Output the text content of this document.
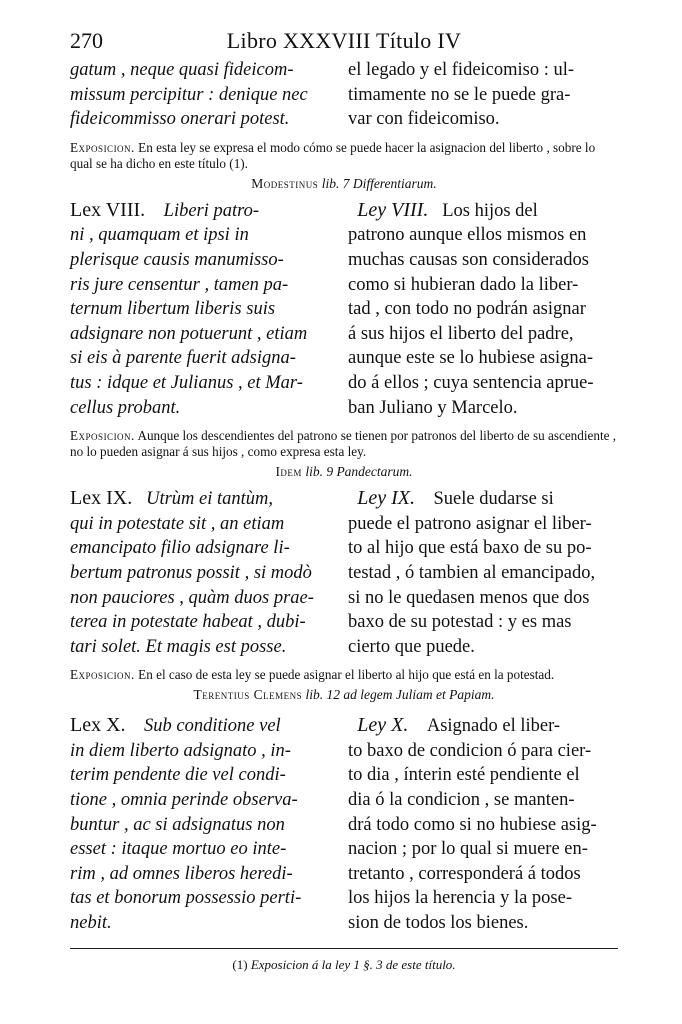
270	Libro XXXVIII Título IV
gatum , neque quasi fideicom-
missum percipitur : denique nec
fideicommisso onerari potest.
el legado y el fideicomiso : ul-
timamente no se le puede gra-
var con fideicomiso.
Exposicion. En esta ley se expresa el modo cómo se puede hacer la asignacion del liberto , sobre lo qual se ha dicho en este título (1).
Modestinus lib. 7 Differentiarum.
Lex VIII. Liberi patro-
ni , quamquam et ipsi in
plerisque causis manumisso-
ris jure censentur , tamen pa-
ternum libertum liberis suis
adsignare non potuerunt , etiam
si eis à parente fuerit adsigna-
tus : idque et Julianus , et Mar-
cellus probant.
Ley VIII. Los hijos del
patrono aunque ellos mismos en
muchas causas son considerados
como si hubieran dado la liber-
tad , con todo no podrán asignar
á sus hijos el liberto del padre,
aunque este se lo hubiese asigna-
do á ellos ; cuya sentencia aprue-
ban Juliano y Marcelo.
Exposicion. Aunque los descendientes del patrono se tienen por patronos del liberto de su ascendiente , no lo pueden asignar á sus hijos , como expresa esta ley.
Idem lib. 9 Pandectarum.
Lex IX. Utrùm ei tantùm,
qui in potestate sit , an etiam
emancipato filio adsignare li-
bertum patronus possit , si modò
non pauciores , quàm duos prae-
terea in potestate habeat , dubi-
tari solet. Et magis est posse.
Ley IX. Suele dudarse si
puede el patrono asignar el liber-
to al hijo que está baxo de su po-
testad , ó tambien al emancipado,
si no le quedasen menos que dos
baxo de su potestad : y es mas
cierto que puede.
Exposicion. En el caso de esta ley se puede asignar el liberto al hijo que está en la potestad.
Terentius Clemens lib. 12 ad legem Juliam et Papiam.
Lex X. Sub conditione vel
in diem liberto adsignato , in-
terim pendente die vel condi-
tione , omnia perinde observa-
buntur , ac si adsignatus non
esset : itaque mortuo eo inte-
rim , ad omnes liberos heredi-
tas et bonorum possessio perti-
nebit.
Ley X. Asignado el liber-
to baxo de condicion ó para cier-
to dia , ínterin esté pendiente el
dia ó la condicion , se manten-
drá todo como si no hubiese asig-
nacion ; por lo qual si muere en-
tretanto , corresponderá á todos
los hijos la herencia y la pose-
sion de todos los bienes.
(1) Exposicion á la ley 1 §. 3 de este título.
